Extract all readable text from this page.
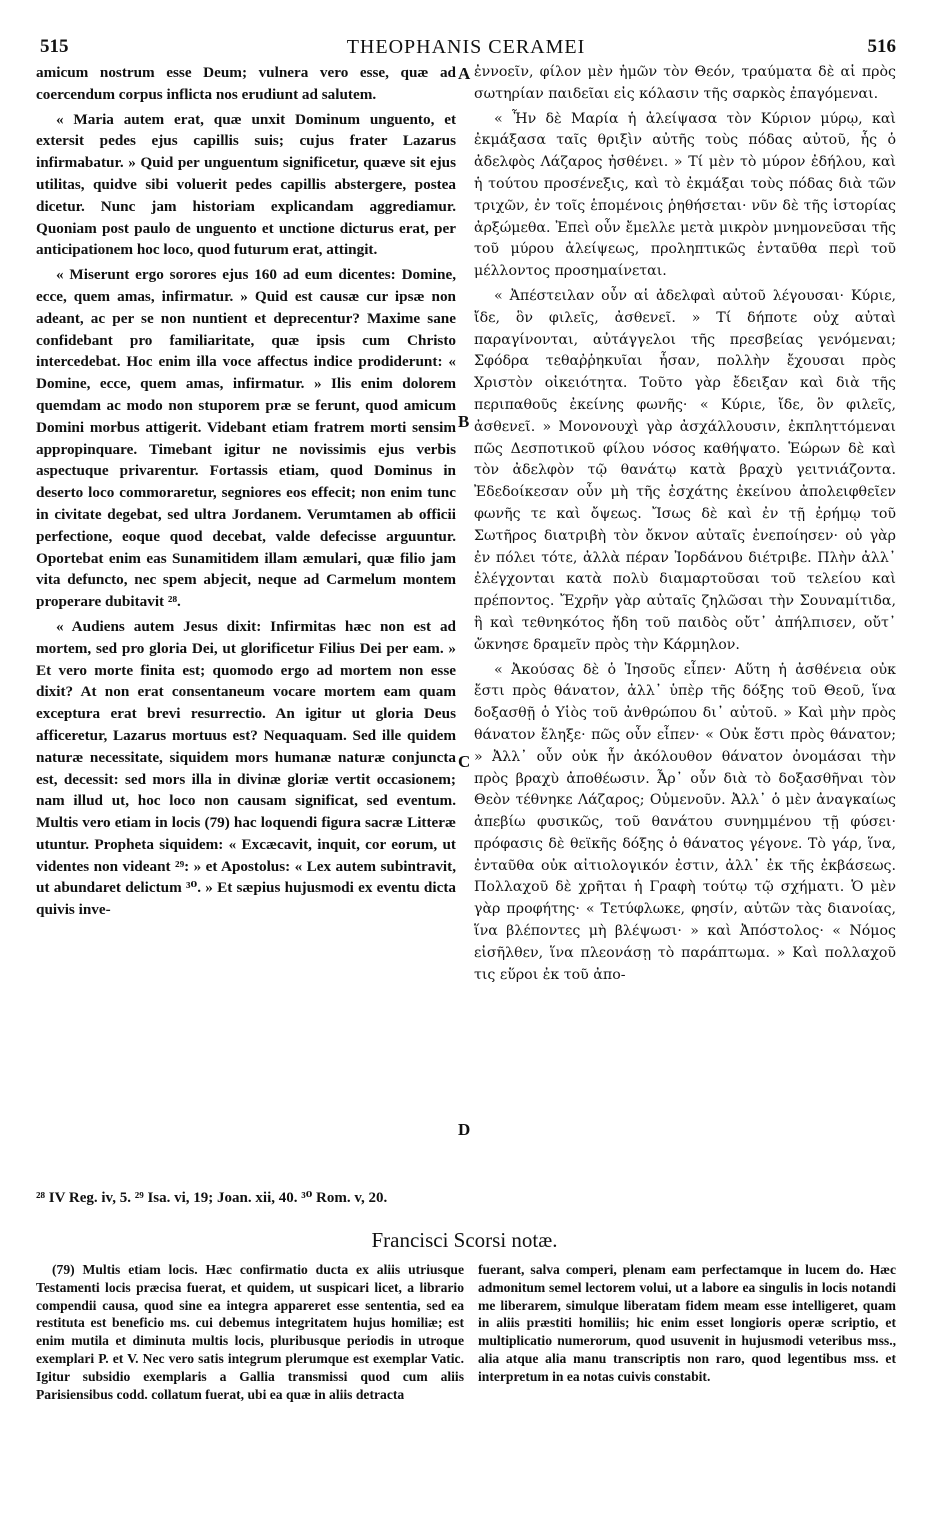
515	THEOPHANIS CERAMEI	516

amicum nostrum esse Deum; vulnera vero esse, quæ ad coercendum corpus inflicta nos erudiunt ad salutem.

« Maria autem erat, quæ unxit Dominum unguento, et extersit pedes ejus capillis suis; cujus frater Lazarus infirmabatur. » Quid per unguentum significetur, quæve sit ejus utilitas, quidve sibi voluerit pedes capillis abstergere, postea dicetur. Nunc jam historiam explicandam aggrediamur. Quoniam post paulo de unguento et unctione dicturus erat, per anticipationem hoc loco, quod futurum erat, attingit.

« Miserunt ergo sorores ejus 160 ad eum dicentes: Domine, ecce, quem amas, infirmatur. » Quid est causæ cur ipsæ non adeant, ac per se non nuntient et deprecentur? Maxime sane confidebant pro familiaritate, quæ ipsis cum Christo intercedebat. Hoc enim illa voce affectus indice prodiderunt: « Domine, ecce, quem amas, infirmatur. » Ilis enim dolorem quemdam ac modo non stuporem præ se ferunt, quod amicum Domini morbus attigerit. Videbant etiam fratrem morti sensim appropinquare. Timebant igitur ne novissimis ejus verbis aspectuque privarentur. Fortassis etiam, quod Dominus in deserto loco commoraretur, segniores eos effecit; non enim tunc in civitate degebat, sed ultra Jordanem. Verumtamen ab officii perfectione, eoque quod decebat, valde defecisse arguuntur. Oportebat enim eas Sunamitidem illam æmulari, quæ filio jam vita defuncto, nec spem abjecit, neque ad Carmelum montem properare dubitavit ²⁸.

« Audiens autem Jesus dixit: Infirmitas hæc non est ad mortem, sed pro gloria Dei, ut glorificetur Filius Dei per eam. » Et vero morte finita est; quomodo ergo ad mortem non esse dixit? At non erat consentaneum vocare mortem eam quam exceptura erat brevi resurrectio. An igitur ut gloria Deus afficeretur, Lazarus mortuus est? Nequaquam. Sed ille quidem naturæ necessitate, siquidem mors humanæ naturæ conjuncta est, decessit: sed mors illa in divinæ gloriæ vertit occasionem; nam illud ut, hoc loco non causam significat, sed eventum. Multis vero etiam in locis (79) hac loquendi figura sacræ Litteræ utuntur. Propheta siquidem: « Excæcavit, inquit, cor eorum, ut videntes non videant ²⁹: » et Apostolus: « Lex autem subintravit, ut abundaret delictum ³⁰. » Et sæpius hujusmodi ex eventu dicta quivis inve-

A
B
C
D

ἐννοεῖν, φίλον μὲν ἡμῶν τὸν Θεόν, τραύματα δὲ αἱ πρὸς σωτηρίαν παιδεῖαι εἰς κόλασιν τῆς σαρκὸς ἐπαγόμεναι.

« Ἦν δὲ Μαρία ἡ ἀλείψασα τὸν Κύριον μύρῳ, καὶ ἐκμάξασα ταῖς θριξὶν αὐτῆς τοὺς πόδας αὐτοῦ, ἧς ὁ ἀδελφὸς Λάζαρος ἠσθένει. » Τί μὲν τὸ μύρον ἐδήλου, καὶ ἡ τούτου προσένεξις, καὶ τὸ ἐκμάξαι τοὺς πόδας διὰ τῶν τριχῶν, ἐν τοῖς ἑπομένοις ῥηθήσεται· νῦν δὲ τῆς ἱστορίας ἀρξώμεθα. Ἐπεὶ οὖν ἔμελλε μετὰ μικρὸν μνημονεῦσαι τῆς τοῦ μύρου ἀλείψεως, προληπτικῶς ἐνταῦθα περὶ τοῦ μέλλοντος προσημαίνεται.

« Ἀπέστειλαν οὖν αἱ ἀδελφαὶ αὐτοῦ λέγουσαι· Κύριε, ἴδε, ὃν φιλεῖς, ἀσθενεῖ. » Τί δήποτε οὐχ αὐταὶ παραγίνονται, αὐτάγγελοι τῆς πρεσβείας γενόμεναι; Σφόδρα τεθαῤῥηκυῖαι ἦσαν, πολλὴν ἔχουσαι πρὸς Χριστὸν οἰκειότητα. Τοῦτο γὰρ ἔδειξαν καὶ διὰ τῆς περιπαθοῦς ἐκείνης φωνῆς· « Κύριε, ἴδε, ὃν φιλεῖς, ἀσθενεῖ. » Μονονουχὶ γὰρ ἀσχάλλουσιν, ἐκπληττόμεναι πῶς Δεσποτικοῦ φίλου νόσος καθήψατο. Ἑώρων δὲ καὶ τὸν ἀδελφὸν τῷ θανάτῳ κατὰ βραχὺ γειτνιάζοντα. Ἐδεδοίκεσαν οὖν μὴ τῆς ἐσχάτης ἐκείνου ἀπολειφθεῖεν φωνῆς τε καὶ ὄψεως. Ἴσως δὲ καὶ ἐν τῇ ἐρήμῳ τοῦ Σωτῆρος διατριβὴ τὸν ὄκνον αὐταῖς ἐνεποίησεν· οὐ γὰρ ἐν πόλει τότε, ἀλλὰ πέραν Ἰορδάνου διέτριβε. Πλὴν ἀλλ᾿ ἐλέγχονται κατὰ πολὺ διαμαρτοῦσαι τοῦ τελείου καὶ πρέποντος. Ἔχρῆν γὰρ αὐταῖς ζηλῶσαι τὴν Σουναμίτιδα, ἣ καὶ τεθνηκότος ἤδη τοῦ παιδὸς οὔτ᾿ ἀπήλπισεν, οὔτ᾿ ὤκνησε δραμεῖν πρὸς τὴν Κάρμηλον.

« Ἀκούσας δὲ ὁ Ἰησοῦς εἶπεν· Αὕτη ἡ ἀσθένεια οὐκ ἔστι πρὸς θάνατον, ἀλλ᾿ ὑπὲρ τῆς δόξης τοῦ Θεοῦ, ἵνα δοξασθῇ ὁ Υἱὸς τοῦ ἀνθρώπου δι᾿ αὐτοῦ. » Καὶ μὴν πρὸς θάνατον ἔληξε· πῶς οὖν εἶπεν· « Οὐκ ἔστι πρὸς θάνατον; » Ἀλλ᾿ οὖν οὐκ ἦν ἀκόλουθον θάνατον ὀνομάσαι τὴν πρὸς βραχὺ ἀποθέωσιν. Ἆρ᾿ οὖν διὰ τὸ δοξασθῆναι τὸν Θεὸν τέθνηκε Λάζαρος; Οὐμενοῦν. Ἀλλ᾿ ὁ μὲν ἀναγκαίως ἀπεβίω φυσικῶς, τοῦ θανάτου συνημμένου τῇ φύσει· πρόφασις δὲ θεϊκῆς δόξης ὁ θάνατος γέγονε. Τὸ γάρ, ἵνα, ἐνταῦθα οὐκ αἰτιολογικόν ἐστιν, ἀλλ᾿ ἐκ τῆς ἐκβάσεως. Πολλαχοῦ δὲ χρῆται ἡ Γραφὴ τούτῳ τῷ σχήματι. Ὁ μὲν γὰρ προφήτης· « Τετύφλωκε, φησίν, αὐτῶν τὰς διανοίας, ἵνα βλέποντες μὴ βλέψωσι· » καὶ Ἀπόστολος· « Νόμος εἰσῆλθεν, ἵνα πλεονάσῃ τὸ παράπτωμα. » Καὶ πολλαχοῦ τις εὕροι ἐκ τοῦ ἀπο-

²⁸ IV Reg. iv, 5. ²⁹ Isa. vi, 19; Joan. xii, 40. ³⁰ Rom. v, 20.
Francisci Scorsi notæ.

(79) Multis etiam locis. Hæc confirmatio ducta ex aliis utriusque Testamenti locis præcisa fuerat, et quidem, ut suspicari licet, a librario compendii causa, quod sine ea integra appareret esse sententia, sed ea restituta est beneficio ms. cui debemus integritatem hujus homiliæ; est enim mutila et diminuta multis locis, pluribusque periodis in utroque exemplari P. et V. Nec vero satis integrum plerumque est exemplar Vatic. Igitur subsidio exemplaris a Gallia transmissi quod cum aliis Parisiensibus codd. collatum fuerat, ubi ea quæ in aliis detracta

fuerant, salva comperi, plenam eam perfectamque in lucem do. Hæc admonitum semel lectorem volui, ut a labore ea singulis in locis notandi me liberarem, simulque liberatam fidem meam esse intelligeret, quam in aliis præstiti homiliis; hic enim esset longioris operæ scriptio, et multiplicatio numerorum, quod usuvenit in hujusmodi veteribus mss., alia atque alia manu transcriptis non raro, quod legentibus mss. et interpretum in ea notas cuivis constabit.
